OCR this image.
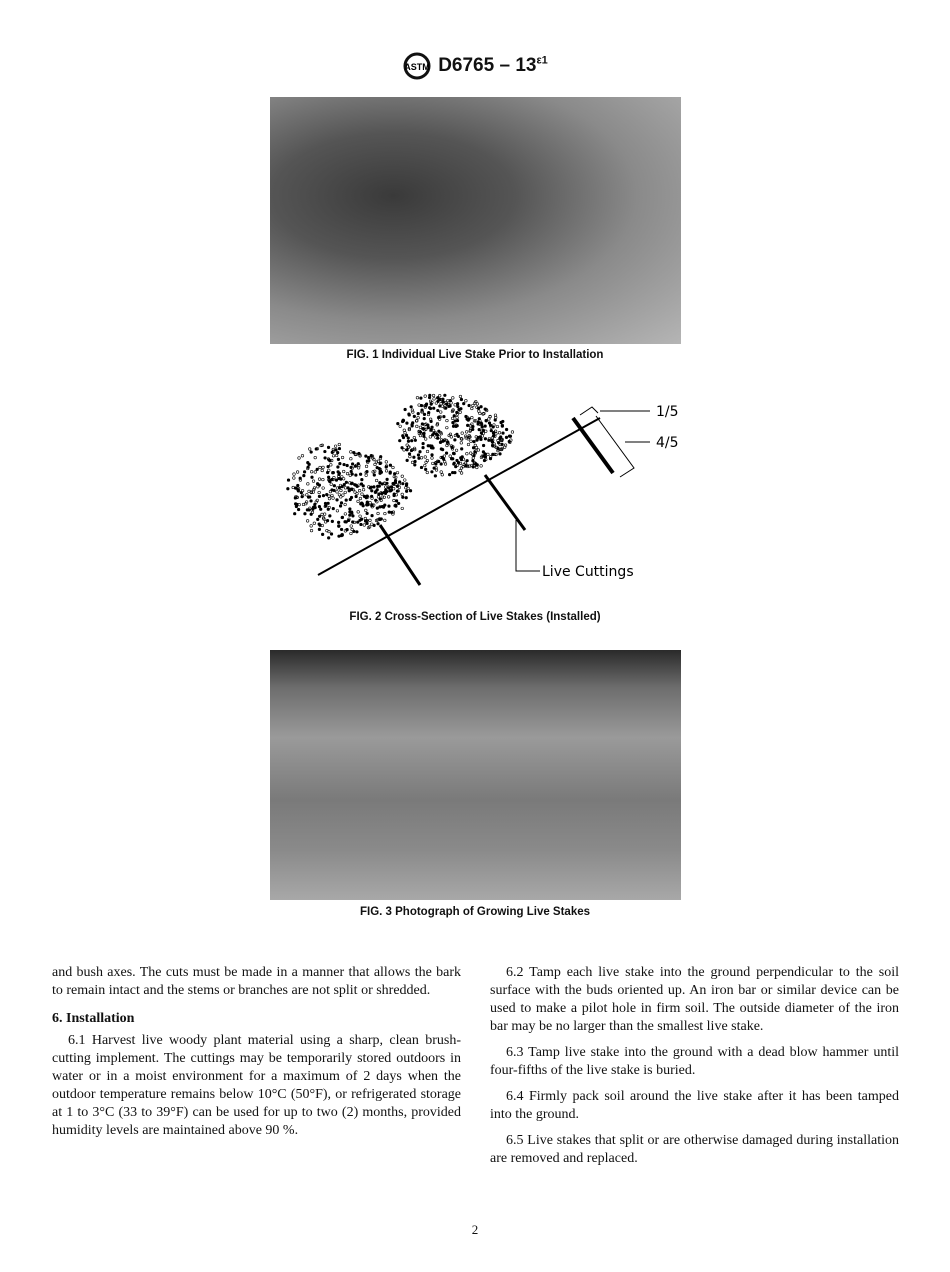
ASTM $D6765 - 13^{\varepsilon 1}$
FIG. 1 Individual Live Stake Prior to Installation
1/5
4/5
Live Cuttings
FIG. 2 Cross-Section of Live Stakes (Installed)
FIG. 3 Photograph of Growing Live Stakes

and bush axes. The cuts must be made in a manner that allows the bark to remain intact and the stems or branches are not split or shredded.

6. Installation

6.1 Harvest live woody plant material using a sharp, clean brush-cutting implement. The cuttings may be temporarily stored outdoors in water or in a moist environment for a maximum of 2 days when the outdoor temperature remains below 10°C (50°F), or refrigerated storage at 1 to 3°C (33 to 39°F) can be used for up to two (2) months, provided humidity levels are maintained above 90 %.

6.2 Tamp each live stake into the ground perpendicular to the soil surface with the buds oriented up. An iron bar or similar device can be used to make a pilot hole in firm soil. The outside diameter of the iron bar may be no larger than the smallest live stake.

6.3 Tamp live stake into the ground with a dead blow hammer until four-fifths of the live stake is buried.

6.4 Firmly pack soil around the live stake after it has been tamped into the ground.

6.5 Live stakes that split or are otherwise damaged during installation are removed and replaced.

2
